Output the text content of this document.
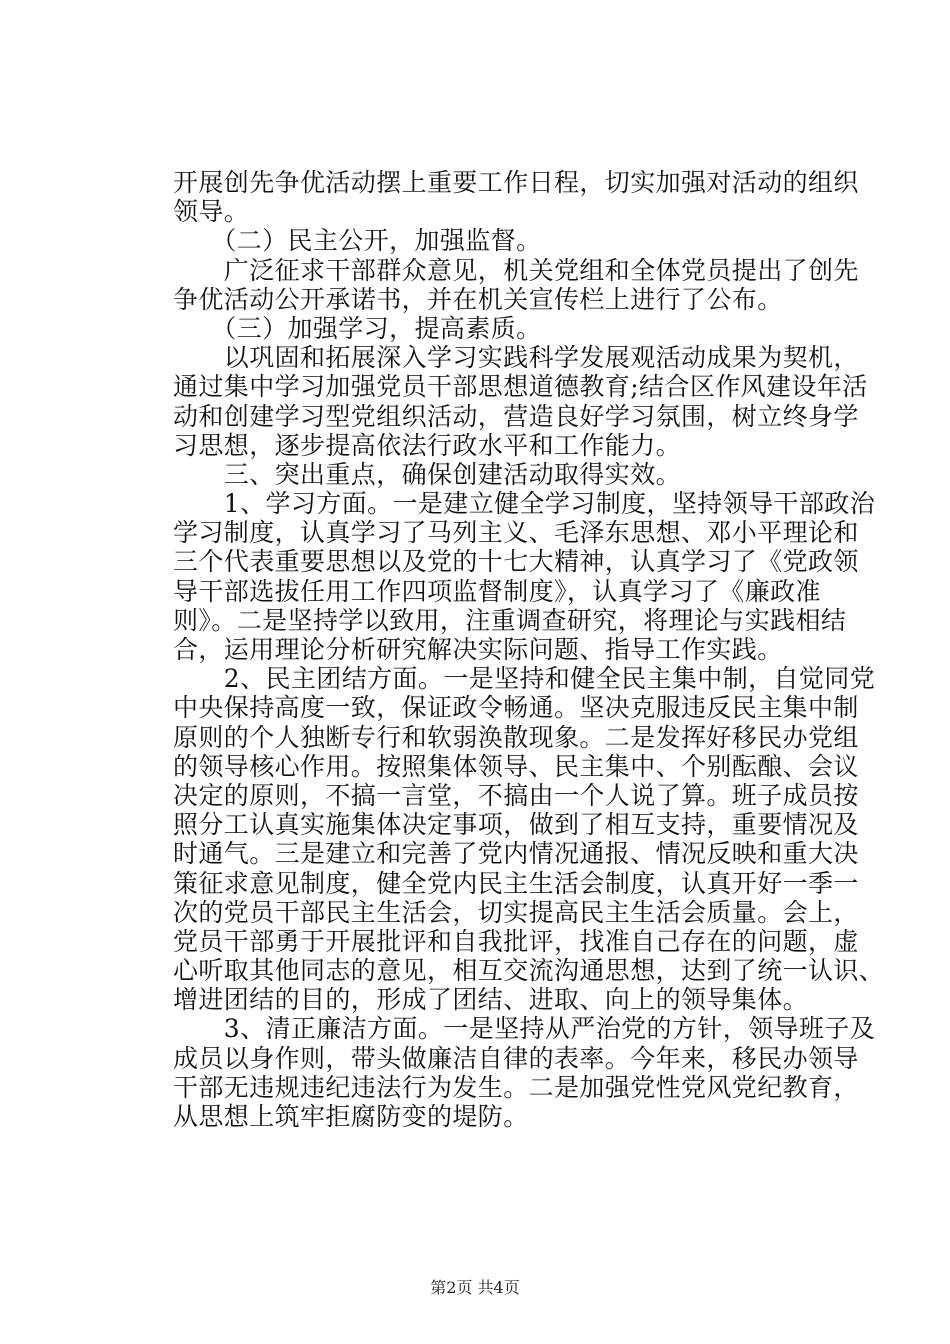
开展创先争优活动摆上重要工作日程，切实加强对活动的组织
领导。
　　（二）民主公开，加强监督。
　　广泛征求干部群众意见，机关党组和全体党员提出了创先
争优活动公开承诺书，并在机关宣传栏上进行了公布。
　　（三）加强学习，提高素质。
　　以巩固和拓展深入学习实践科学发展观活动成果为契机，
通过集中学习加强党员干部思想道德教育;结合区作风建设年活
动和创建学习型党组织活动，营造良好学习氛围，树立终身学
习思想，逐步提高依法行政水平和工作能力。
　　三、突出重点，确保创建活动取得实效。
　　1、学习方面。一是建立健全学习制度，坚持领导干部政治
学习制度，认真学习了马列主义、毛泽东思想、邓小平理论和
三个代表重要思想以及党的十七大精神，认真学习了《党政领
导干部选拔任用工作四项监督制度》，认真学习了《廉政准
则》。二是坚持学以致用，注重调查研究，将理论与实践相结
合，运用理论分析研究解决实际问题、指导工作实践。
　　2、民主团结方面。一是坚持和健全民主集中制，自觉同党
中央保持高度一致，保证政令畅通。坚决克服违反民主集中制
原则的个人独断专行和软弱涣散现象。二是发挥好移民办党组
的领导核心作用。按照集体领导、民主集中、个别酝酿、会议
决定的原则，不搞一言堂，不搞由一个人说了算。班子成员按
照分工认真实施集体决定事项，做到了相互支持，重要情况及
时通气。三是建立和完善了党内情况通报、情况反映和重大决
策征求意见制度，健全党内民主生活会制度，认真开好一季一
次的党员干部民主生活会，切实提高民主生活会质量。会上，
党员干部勇于开展批评和自我批评，找准自己存在的问题，虚
心听取其他同志的意见，相互交流沟通思想，达到了统一认识、
增进团结的目的，形成了团结、进取、向上的领导集体。
　　3、清正廉洁方面。一是坚持从严治党的方针，领导班子及
成员以身作则，带头做廉洁自律的表率。今年来，移民办领导
干部无违规违纪违法行为发生。二是加强党性党风党纪教育，
从思想上筑牢拒腐防变的堤防。
第2页 共4页
